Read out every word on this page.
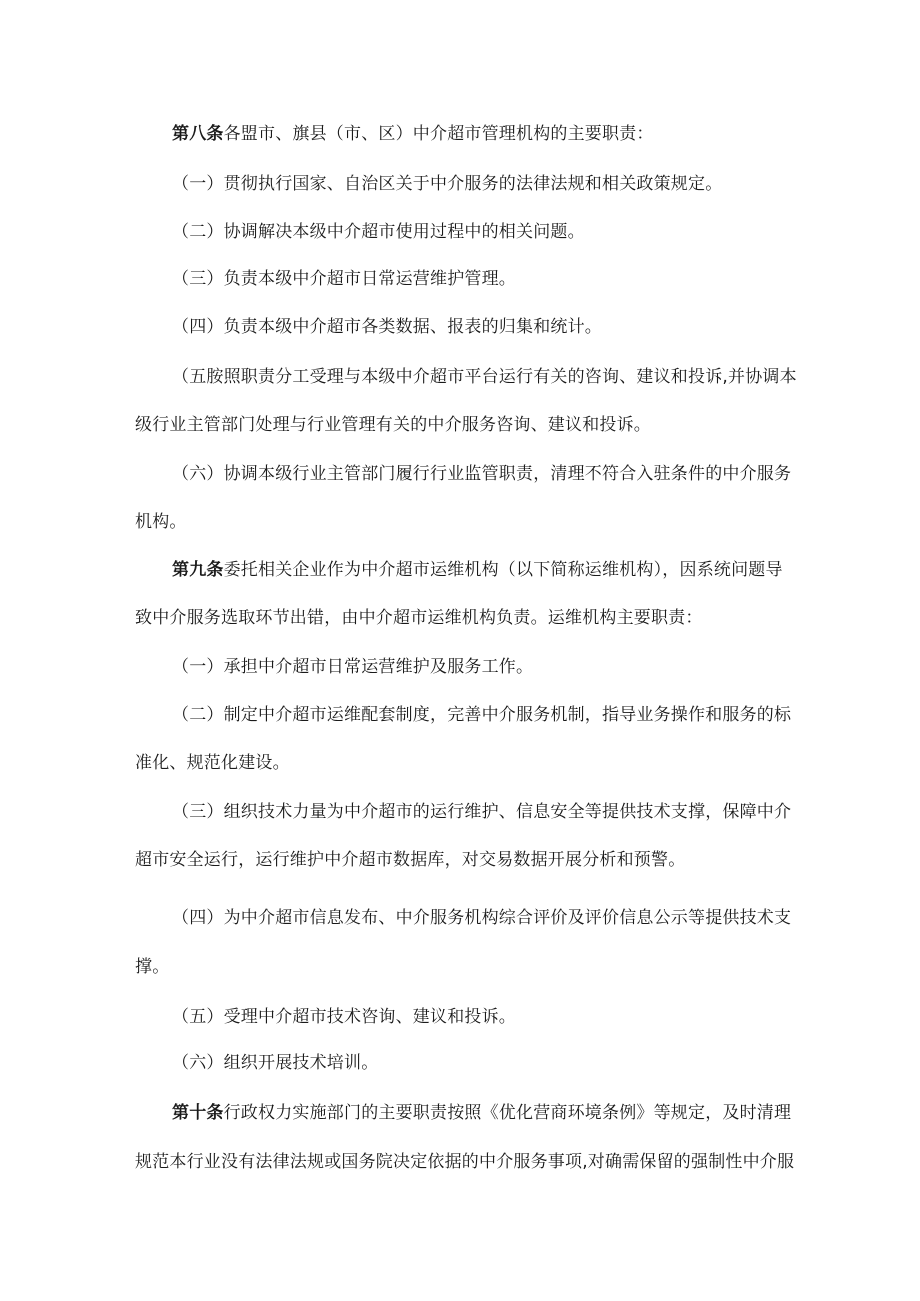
第八条各盟市、旗县（市、区）中介超市管理机构的主要职责：
（一）贯彻执行国家、自治区关于中介服务的法律法规和相关政策规定。
（二）协调解决本级中介超市使用过程中的相关问题。
（三）负责本级中介超市日常运营维护管理。
（四）负责本级中介超市各类数据、报表的归集和统计。
（五胺照职责分工受理与本级中介超市平台运行有关的咨询、建议和投诉,并协调本
级行业主管部门处理与行业管理有关的中介服务咨询、建议和投诉。
（六）协调本级行业主管部门履行行业监管职责，清理不符合入驻条件的中介服务
机构。
第九条委托相关企业作为中介超市运维机构（以下简称运维机构），因系统问题导
致中介服务选取环节出错，由中介超市运维机构负责。运维机构主要职责：
（一）承担中介超市日常运营维护及服务工作。
（二）制定中介超市运维配套制度，完善中介服务机制，指导业务操作和服务的标
准化、规范化建设。
（三）组织技术力量为中介超市的运行维护、信息安全等提供技术支撑，保障中介
超市安全运行，运行维护中介超市数据库，对交易数据开展分析和预警。
（四）为中介超市信息发布、中介服务机构综合评价及评价信息公示等提供技术支
撑。
（五）受理中介超市技术咨询、建议和投诉。
（六）组织开展技术培训。
第十条行政权力实施部门的主要职责按照《优化营商环境条例》等规定，及时清理
规范本行业没有法律法规或国务院决定依据的中介服务事项,对确需保留的强制性中介服
